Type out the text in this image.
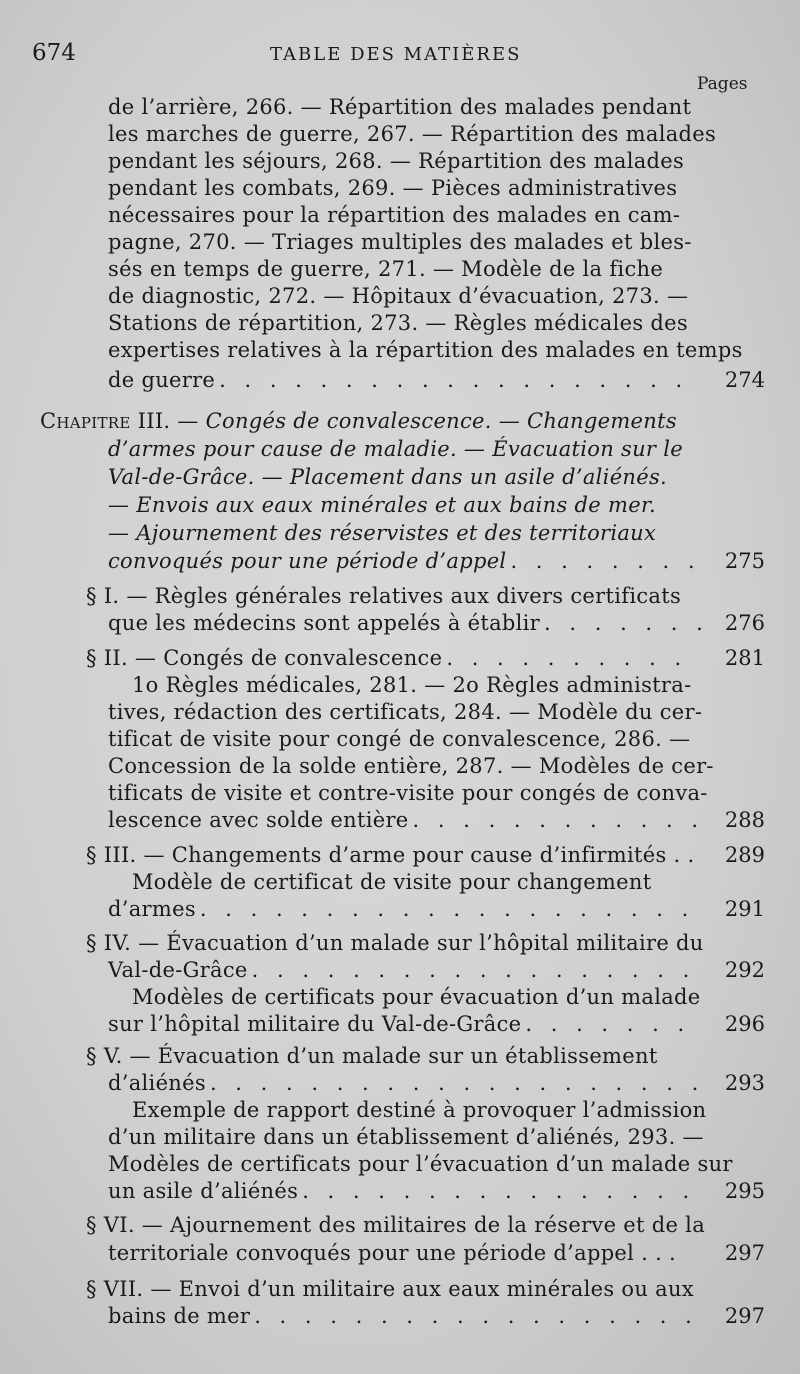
674	TABLE DES MATIÈRES
Pages
de l’arrière, 266. — Répartition des malades pendant
les marches de guerre, 267. — Répartition des malades
pendant les séjours, 268. — Répartition des malades
pendant les combats, 269. — Pièces administratives
nécessaires pour la répartition des malades en cam-
pagne, 270. — Triages multiples des malades et bles-
sés en temps de guerre, 271. — Modèle de la fiche
de diagnostic, 272. — Hôpitaux d’évacuation, 273. —
Stations de répartition, 273. — Règles médicales des
expertises relatives à la répartition des malades en temps
de guerre . . .	274
Chapitre III. — Congés de convalescence. — Changements
d’armes pour cause de maladie. — Évacuation sur le
Val-de-Grâce. — Placement dans un asile d’aliénés.
— Envois aux eaux minérales et aux bains de mer.
— Ajournement des réservistes et des territoriaux
convoqués pour une période d’appel . . .	275
§ I. — Règles générales relatives aux divers certificats
que les médecins sont appelés à établir . . .	276
§ II. — Congés de convalescence . . .	281
1o Règles médicales, 281. — 2o Règles administra-
tives, rédaction des certificats, 284. — Modèle du cer-
tificat de visite pour congé de convalescence, 286. —
Concession de la solde entière, 287. — Modèles de cer-
tificats de visite et contre-visite pour congés de conva-
lescence avec solde entière . . .	288
§ III. — Changements d’arme pour cause d’infirmités . . 289
Modèle de certificat de visite pour changement
d’armes . . .	291
§ IV. — Évacuation d’un malade sur l’hôpital militaire du
Val-de-Grâce . . .	292
Modèles de certificats pour évacuation d’un malade
sur l’hôpital militaire du Val-de-Grâce . . .	296
§ V. — Évacuation d’un malade sur un établissement
d’aliénés . . .	293
Exemple de rapport destiné à provoquer l’admission
d’un militaire dans un établissement d’aliénés, 293. —
Modèles de certificats pour l’évacuation d’un malade sur
un asile d’aliénés . . .	295
§ VI. — Ajournement des militaires de la réserve et de la
territoriale convoqués pour une période d’appel . . . 297
§ VII. — Envoi d’un militaire aux eaux minérales ou aux
bains de mer . . .	297
